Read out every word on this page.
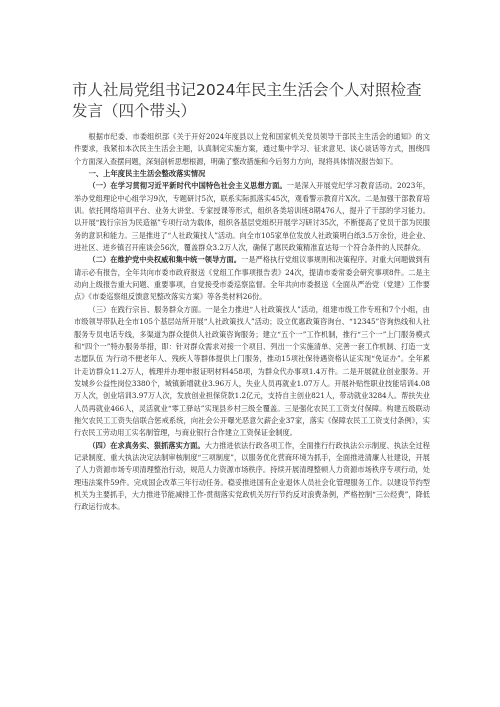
市人社局党组书记2024年民主生活会个人对照检查发言（四个带头）

根据市纪委、市委组织部《关于开好2024年度县以上党和国家机关党员领导干部民主生活会的通知》的文件要求，我紧扣本次民主生活会主题，认真制定实施方案，通过集中学习、征求意见、谈心谈话等方式，围绕四个方面深入查摆问题，深刻剖析思想根源，明确了整改措施和今后努力方向，现将具体情况报告如下。

一、上年度民主生活会整改落实情况

（一）在学习贯彻习近平新时代中国特色社会主义思想方面。一是深入开展党纪学习教育活动。2023年，举办党组理论中心组学习9次，专题研讨5次，联系实际抓落实45次，观看警示教育片X次。二是加强干部教育培训。依托网络培训平台、业务大讲堂、专家授课等形式，组织各类培训班8期476人，提升了干部的学习能力。以开展“践行宗旨为民造福”专项行动为载体，组织各基层党组织开展学习研讨35次，不断提高了党员干部为民服务的意识和能力。三是推进了“人社政策找人”活动。向全市105家单位发放人社政策明白纸3.5万余份，进企业、进社区、进乡镇召开座谈会56次，覆盖群众3.2万人次，确保了惠民政策精准直达每一个符合条件的人民群众。

（二）在维护党中央权威和集中统一领导方面。一是严格执行党组议事规则和决策程序。对重大问题做到有请示必有报告，全年共向市委市政府报送《党组工作事项报告表》24次，提请市委常委会研究事项8件。二是主动向上级报告重大问题、重要事项，自觉接受市委巡察监督。全年共向市委报送《全面从严治党（党建）工作要点》《市委巡察组反馈意见整改落实方案》等各类材料26份。

（三）在践行宗旨、服务群众方面。一是全力推进“人社政策找人”活动，组建市级工作专班和7个小组，由市级领导带队赴全市105个基层站所开展“人社政策找人”活动；设立优惠政策咨询台、“12345”咨询热线和人社服务专员电话专线，多渠道为群众提供人社政策咨询服务；建立“五个一”工作机制，推行“三个一”上门服务模式和“四个一”特办服务举措，即：针对群众需求对接一个项目、列出一个实施清单、完善一套工作机制、打造一支志愿队伍 为行动不便老年人、残疾人等群体提供上门服务，推动15项社保待遇资格认证实现“免证办”。全年累计走访群众11.2万人，梳理并办理申报证明材料458项，为群众代办事项1.4万件。二是开展就业创业服务。开发城乡公益性岗位3380个，城镇新增就业3.96万人，失业人员再就业1.07万人。开展补贴性职业技能培训4.08万人次，创业培训3.97万人次，发放创业担保贷款1.2亿元，支持自主创业821人，带动就业3284人。帮扶失业人员再就业466人，灵活就业“零工驿站”实现县乡村三级全覆盖。三是强化农民工工资支付保障。构建五级联动拖欠农民工工资失信联合惩戒系统，向社会公开曝光恶意欠薪企业37家，落实《保障农民工工资支付条例》，实行农民工劳动用工实名制管理，与商业银行合作建立工资保证金制度。

（四）在求真务实、狠抓落实方面。大力推进依法行政各项工作，全面推行行政执法公示制度、执法全过程记录制度、重大执法决定法制审核制度“三项制度”，以服务优化营商环境为抓手，全面推进清廉人社建设，开展了人力资源市场专项清理整治行动，规范人力资源市场秩序。持续开展清理整顿人力资源市场秩序专项行动，处理违法案件59件。完成国企改革三年行动任务。稳妥推进国有企业退休人员社会化管理服务工作。以建设节约型机关为主要抓手，大力推进节能减排工作-贯彻落实党政机关厉行节约反对浪费条例，严格控制“三公经费”，降低行政运行成本。
